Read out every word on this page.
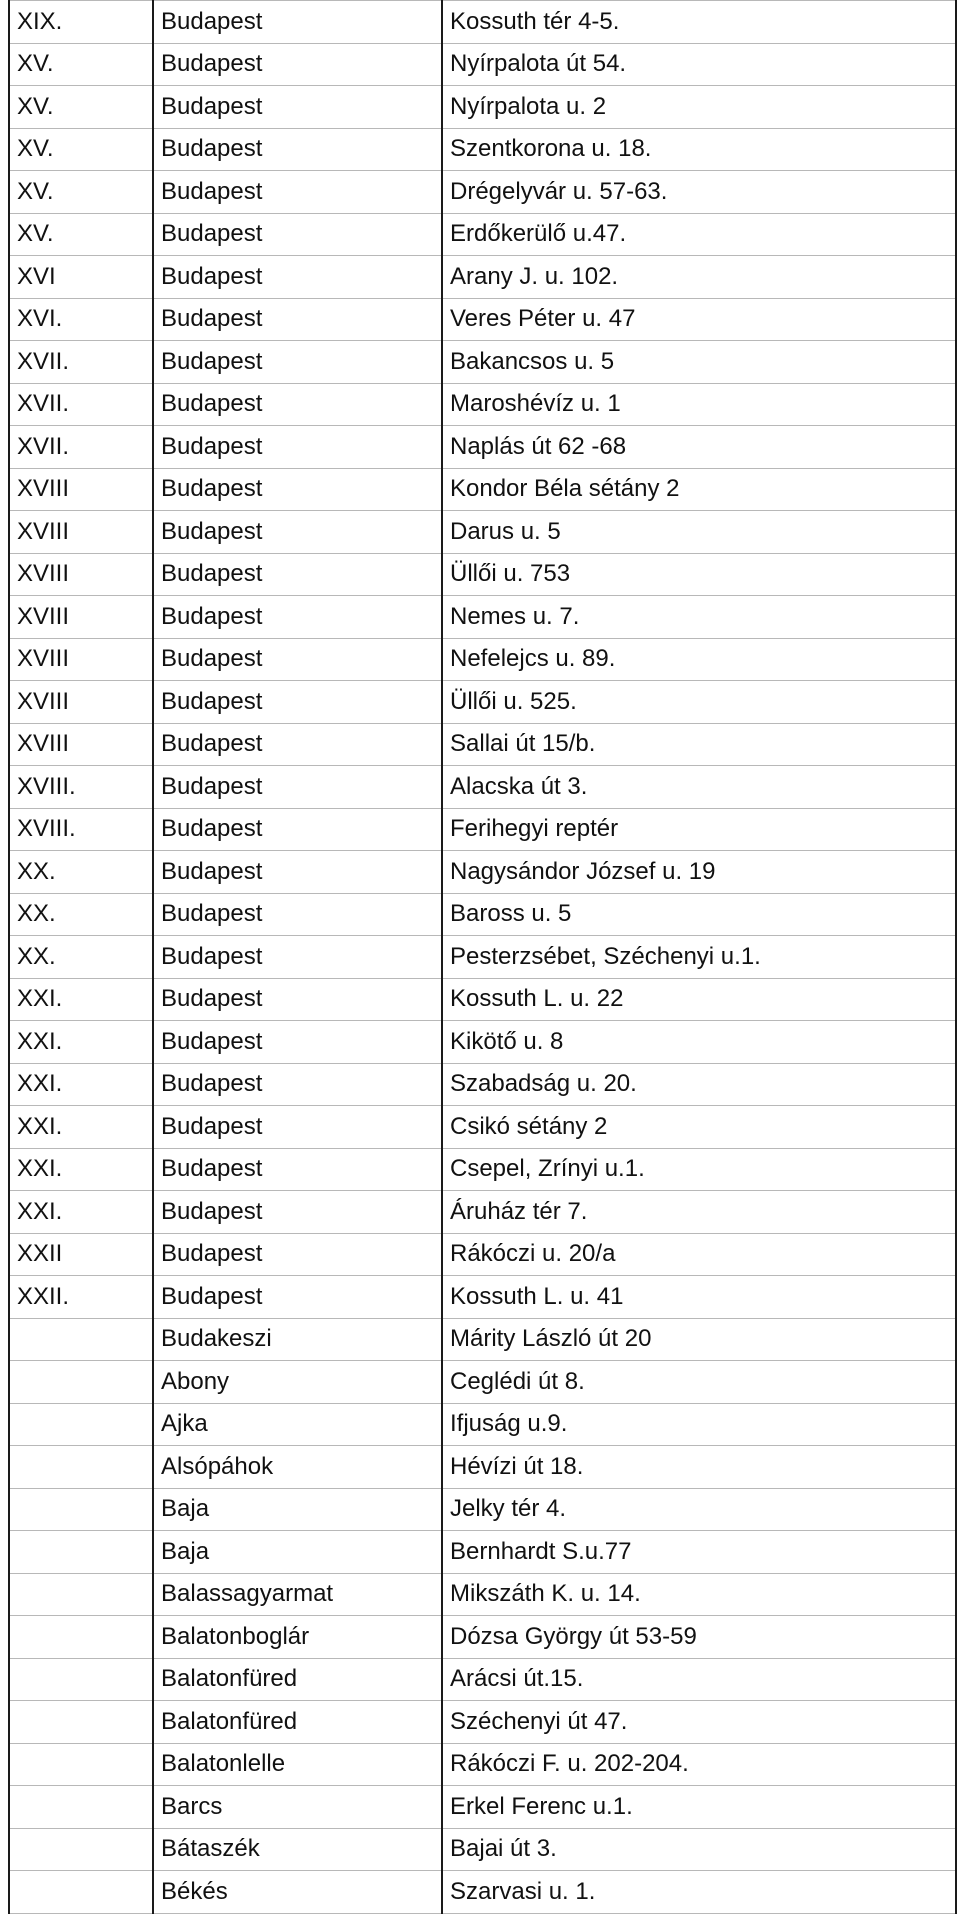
XIX.	Budapest	Kossuth tér 4-5.
XV.	Budapest	Nyírpalota út 54.
XV.	Budapest	Nyírpalota u. 2
XV.	Budapest	Szentkorona u. 18.
XV.	Budapest	Drégelyvár u. 57-63.
XV.	Budapest	Erdőkerülő u.47.
XVI	Budapest	Arany J. u. 102.
XVI.	Budapest	Veres Péter u. 47
XVII.	Budapest	Bakancsos u. 5
XVII.	Budapest	Maroshévíz u. 1
XVII.	Budapest	Naplás út 62 -68
XVIII	Budapest	Kondor Béla sétány 2
XVIII	Budapest	Darus u. 5
XVIII	Budapest	Üllői u. 753
XVIII	Budapest	Nemes u. 7.
XVIII	Budapest	Nefelejcs u. 89.
XVIII	Budapest	Üllői u. 525.
XVIII	Budapest	Sallai út 15/b.
XVIII.	Budapest	Alacska út 3.
XVIII.	Budapest	Ferihegyi reptér
XX.	Budapest	Nagysándor József u. 19
XX.	Budapest	Baross u. 5
XX.	Budapest	Pesterzsébet, Széchenyi u.1.
XXI.	Budapest	Kossuth L. u. 22
XXI.	Budapest	Kikötő u. 8
XXI.	Budapest	Szabadság u. 20.
XXI.	Budapest	Csikó sétány 2
XXI.	Budapest	Csepel, Zrínyi u.1.
XXI.	Budapest	Áruház tér 7.
XXII	Budapest	Rákóczi u. 20/a
XXII.	Budapest	Kossuth L. u. 41
	Budakeszi	Márity László út 20
	Abony	Ceglédi út 8.
	Ajka	Ifjuság u.9.
	Alsópáhok	Hévízi út 18.
	Baja	Jelky tér 4.
	Baja	Bernhardt S.u.77
	Balassagyarmat	Mikszáth K. u. 14.
	Balatonboglár	Dózsa György út 53-59
	Balatonfüred	Arácsi út.15.
	Balatonfüred	Széchenyi út 47.
	Balatonlelle	Rákóczi F. u. 202-204.
	Barcs	Erkel Ferenc u.1.
	Bátaszék	Bajai út 3.
	Békés	Szarvasi u. 1.
